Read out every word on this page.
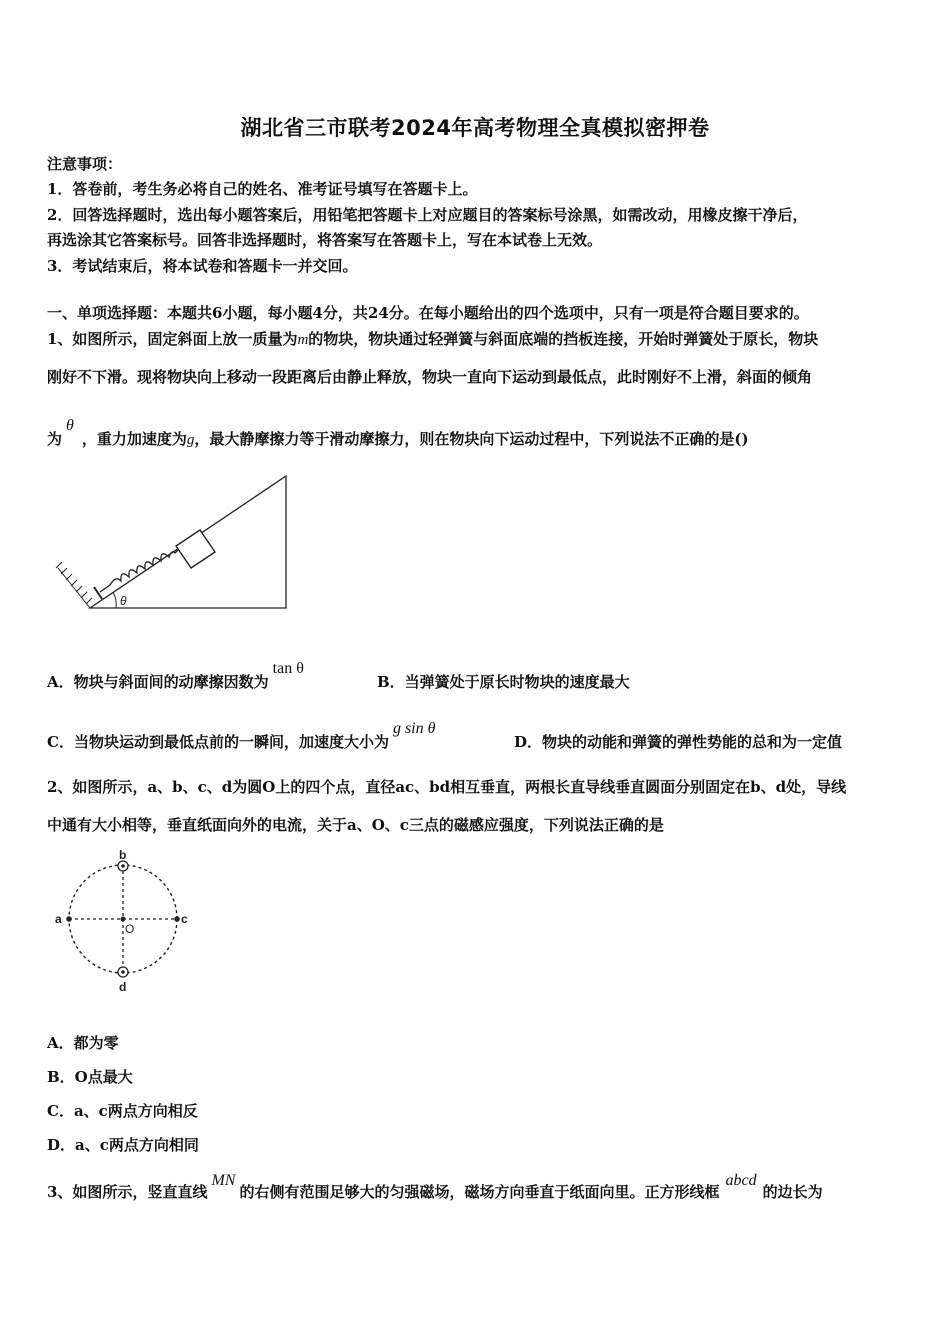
湖北省三市联考2024年高考物理全真模拟密押卷
注意事项：
1．答卷前，考生务必将自己的姓名、准考证号填写在答题卡上。
2．回答选择题时，选出每小题答案后，用铅笔把答题卡上对应题目的答案标号涂黑，如需改动，用橡皮擦干净后，
再选涂其它答案标号。回答非选择题时，将答案写在答题卡上，写在本试卷上无效。
3．考试结束后，将本试卷和答题卡一并交回。
一、单项选择题：本题共6小题，每小题4分，共24分。在每小题给出的四个选项中，只有一项是符合题目要求的。
1、如图所示，固定斜面上放一质量为m的物块，物块通过轻弹簧与斜面底端的挡板连接，开始时弹簧处于原长，物块
刚好不下滑。现将物块向上移动一段距离后由静止释放，物块一直向下运动到最低点，此时刚好不上滑，斜面的倾角
为θ，重力加速度为g，最大静摩擦力等于滑动摩擦力，则在物块向下运动过程中，下列说法不正确的是()
θ
A．物块与斜面间的动摩擦因数为tan θ
B．当弹簧处于原长时物块的速度最大
C．当物块运动到最低点前的一瞬间，加速度大小为g sin θ
D．物块的动能和弹簧的弹性势能的总和为一定值
2、如图所示，a、b、c、d为圆O上的四个点，直径ac、bd相互垂直，两根长直导线垂直圆面分别固定在b、d处，导线
中通有大小相等，垂直纸面向外的电流，关于a、O、c三点的磁感应强度，下列说法正确的是
a
b
c
d
O
A．都为零
B．O点最大
C．a、c两点方向相反
D．a、c两点方向相同
3、如图所示，竖直直线MN的右侧有范围足够大的匀强磁场，磁场方向垂直于纸面向里。正方形线框abcd的边长为
